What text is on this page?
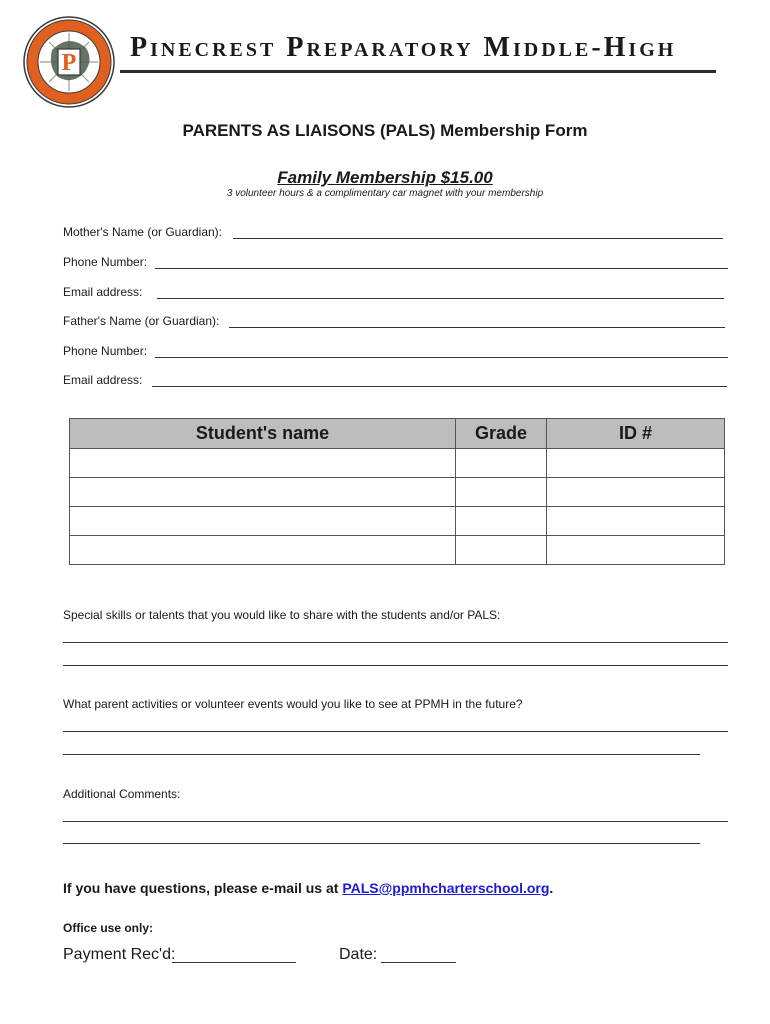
P Pinecrest Preparatory Middle-High
PARENTS AS LIAISONS (PALS) Membership Form
Family Membership $15.00
3 volunteer hours & a complimentary car magnet with your membership
Mother's Name (or Guardian):
Phone Number:
Email address:
Father's Name (or Guardian):
Phone Number:
Email address:
Student's name	Grade	ID #

Special skills or talents that you would like to share with the students and/or PALS:
What parent activities or volunteer events would you like to see at PPMH in the future?
Additional Comments:
If you have questions, please e-mail us at PALS@ppmhcharterschool.org.
Office use only:
Payment Rec'd:	Date:
